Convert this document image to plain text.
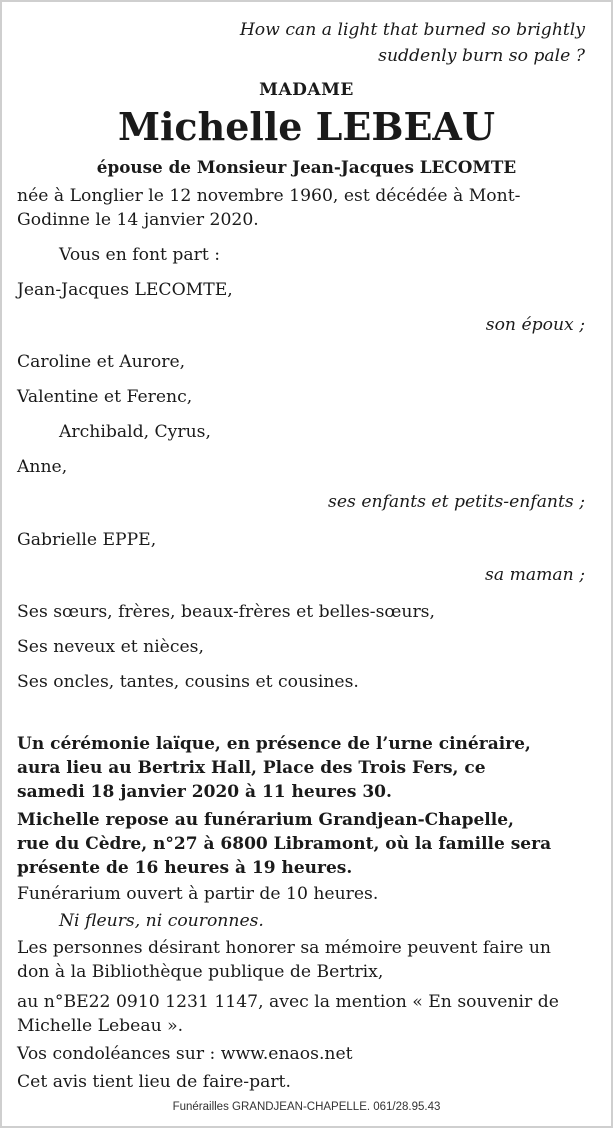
How can a light that burned so brightly
suddenly burn so pale ?
MADAME
Michelle LEBEAU
épouse de Monsieur Jean-Jacques LECOMTE
née à Longlier le 12 novembre 1960, est décédée à Mont-
Godinne le 14 janvier 2020.
Vous en font part :
Jean-Jacques LECOMTE,
son époux ;
Caroline et Aurore,
Valentine et Ferenc,
Archibald, Cyrus,
Anne,
ses enfants et petits-enfants ;
Gabrielle EPPE,
sa maman ;
Ses sœurs, frères, beaux-frères et belles-sœurs,
Ses neveux et nièces,
Ses oncles, tantes, cousins et cousines.
Un cérémonie laïque, en présence de l’urne cinéraire,
aura lieu au Bertrix Hall, Place des Trois Fers, ce
samedi 18 janvier 2020 à 11 heures 30.
Michelle repose au funérarium Grandjean-Chapelle,
rue du Cèdre, n°27 à 6800 Libramont, où la famille sera
présente de 16 heures à 19 heures.
Funérarium ouvert à partir de 10 heures.
Ni fleurs, ni couronnes.
Les personnes désirant honorer sa mémoire peuvent faire un
don à la Bibliothèque publique de Bertrix,
au n°BE22 0910 1231 1147, avec la mention « En souvenir de
Michelle Lebeau ».
Vos condoléances sur : www.enaos.net
Cet avis tient lieu de faire-part.
Funérailles GRANDJEAN-CHAPELLE. 061/28.95.43
